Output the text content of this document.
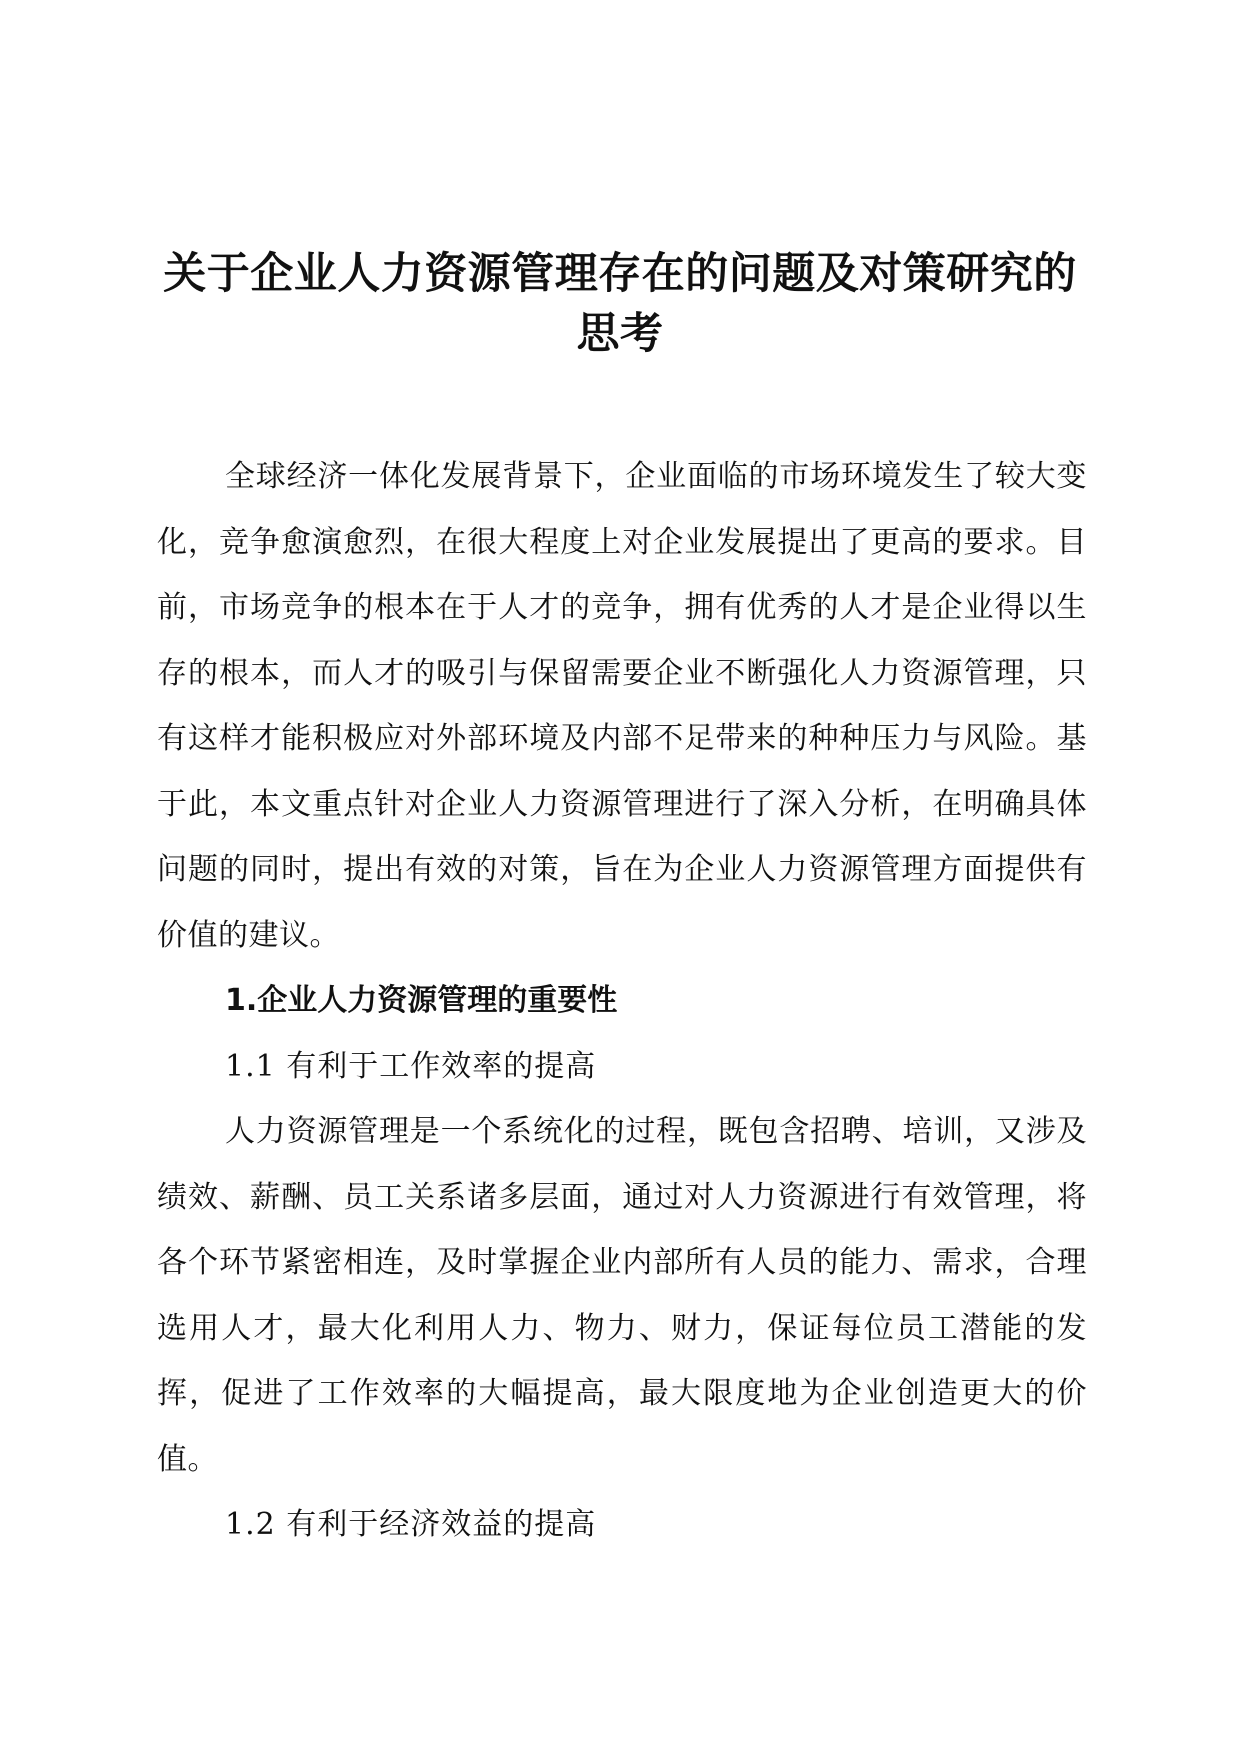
关于企业人力资源管理存在的问题及对策研究的思考

全球经济一体化发展背景下，企业面临的市场环境发生了较大变化，竞争愈演愈烈，在很大程度上对企业发展提出了更高的要求。目前，市场竞争的根本在于人才的竞争，拥有优秀的人才是企业得以生存的根本，而人才的吸引与保留需要企业不断强化人力资源管理，只有这样才能积极应对外部环境及内部不足带来的种种压力与风险。基于此，本文重点针对企业人力资源管理进行了深入分析，在明确具体问题的同时，提出有效的对策，旨在为企业人力资源管理方面提供有价值的建议。

1.企业人力资源管理的重要性

1.1 有利于工作效率的提高

人力资源管理是一个系统化的过程，既包含招聘、培训，又涉及绩效、薪酬、员工关系诸多层面，通过对人力资源进行有效管理，将各个环节紧密相连，及时掌握企业内部所有人员的能力、需求，合理选用人才，最大化利用人力、物力、财力，保证每位员工潜能的发挥，促进了工作效率的大幅提高，最大限度地为企业创造更大的价值。

1.2 有利于经济效益的提高
